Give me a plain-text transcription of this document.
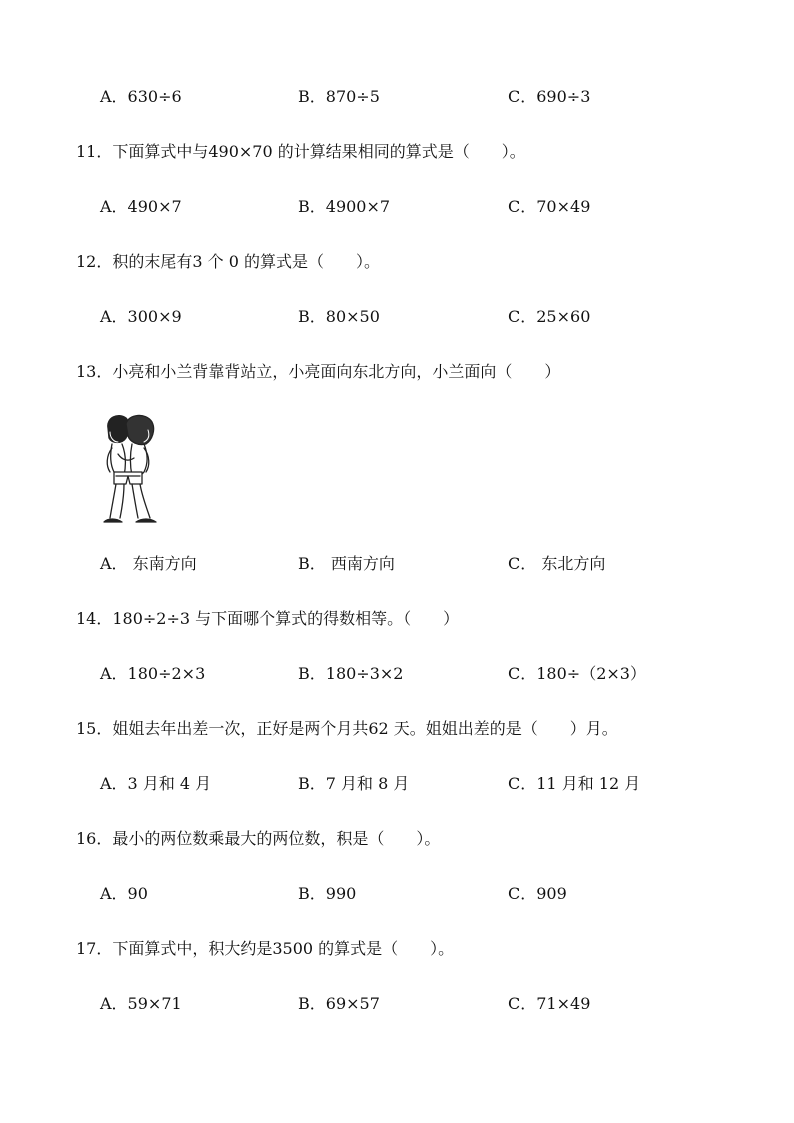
A．630÷6	B．870÷5	C．690÷3
11．下面算式中与490×70 的计算结果相同的算式是（　　）。
A．490×7	B．4900×7	C．70×49
12．积的末尾有3 个 0 的算式是（　　）。
A．300×9	B．80×50	C．25×60
13．小亮和小兰背靠背站立，小亮面向东北方向，小兰面向（　　）
A． 东南方向	B． 西南方向	C． 东北方向
14．180÷2÷3 与下面哪个算式的得数相等。（　　）
A．180÷2×3	B．180÷3×2	C．180÷（2×3）
15．姐姐去年出差一次，正好是两个月共62 天。姐姐出差的是（　　）月。
A．3 月和 4 月	B．7 月和 8 月	C．11 月和 12 月
16．最小的两位数乘最大的两位数，积是（　　）。
A．90	B．990	C．909
17．下面算式中，积大约是3500 的算式是（　　）。
A．59×71	B．69×57	C．71×49
